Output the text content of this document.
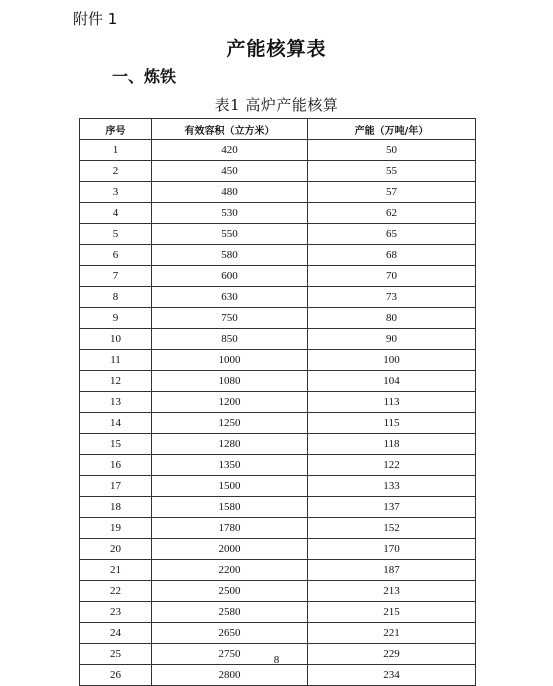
附件 1
产能核算表
一、炼铁
表1 高炉产能核算
序号	有效容积（立方米）	产能（万吨/年）
1	420	50
2	450	55
3	480	57
4	530	62
5	550	65
6	580	68
7	600	70
8	630	73
9	750	80
10	850	90
11	1000	100
12	1080	104
13	1200	113
14	1250	115
15	1280	118
16	1350	122
17	1500	133
18	1580	137
19	1780	152
20	2000	170
21	2200	187
22	2500	213
23	2580	215
24	2650	221
25	2750	229
26	2800	234
8
